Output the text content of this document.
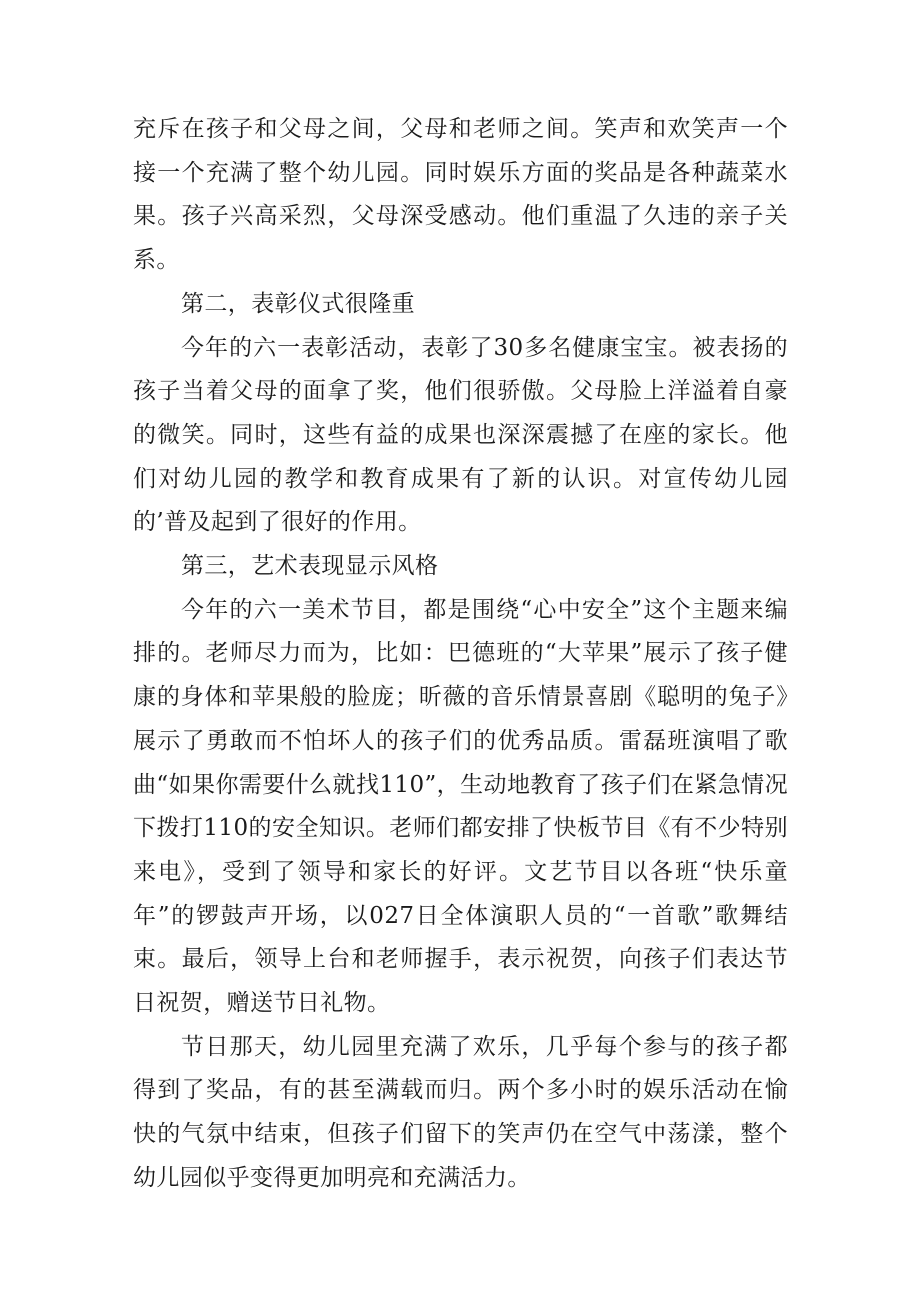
充斥在孩子和父母之间，父母和老师之间。笑声和欢笑声一个接一个充满了整个幼儿园。同时娱乐方面的奖品是各种蔬菜水果。孩子兴高采烈，父母深受感动。他们重温了久违的亲子关系。

第二，表彰仪式很隆重

今年的六一表彰活动，表彰了30多名健康宝宝。被表扬的孩子当着父母的面拿了奖，他们很骄傲。父母脸上洋溢着自豪的微笑。同时，这些有益的成果也深深震撼了在座的家长。他们对幼儿园的教学和教育成果有了新的认识。对宣传幼儿园的’普及起到了很好的作用。

第三，艺术表现显示风格

今年的六一美术节目，都是围绕“心中安全”这个主题来编排的。老师尽力而为，比如：巴德班的“大苹果”展示了孩子健康的身体和苹果般的脸庞；昕薇的音乐情景喜剧《聪明的兔子》展示了勇敢而不怕坏人的孩子们的优秀品质。雷磊班演唱了歌曲“如果你需要什么就找110”，生动地教育了孩子们在紧急情况下拨打110的安全知识。老师们都安排了快板节目《有不少特别来电》，受到了领导和家长的好评。文艺节目以各班“快乐童年”的锣鼓声开场，以027日全体演职人员的“一首歌”歌舞结束。最后，领导上台和老师握手，表示祝贺，向孩子们表达节日祝贺，赠送节日礼物。

节日那天，幼儿园里充满了欢乐，几乎每个参与的孩子都得到了奖品，有的甚至满载而归。两个多小时的娱乐活动在愉快的气氛中结束，但孩子们留下的笑声仍在空气中荡漾，整个幼儿园似乎变得更加明亮和充满活力。
